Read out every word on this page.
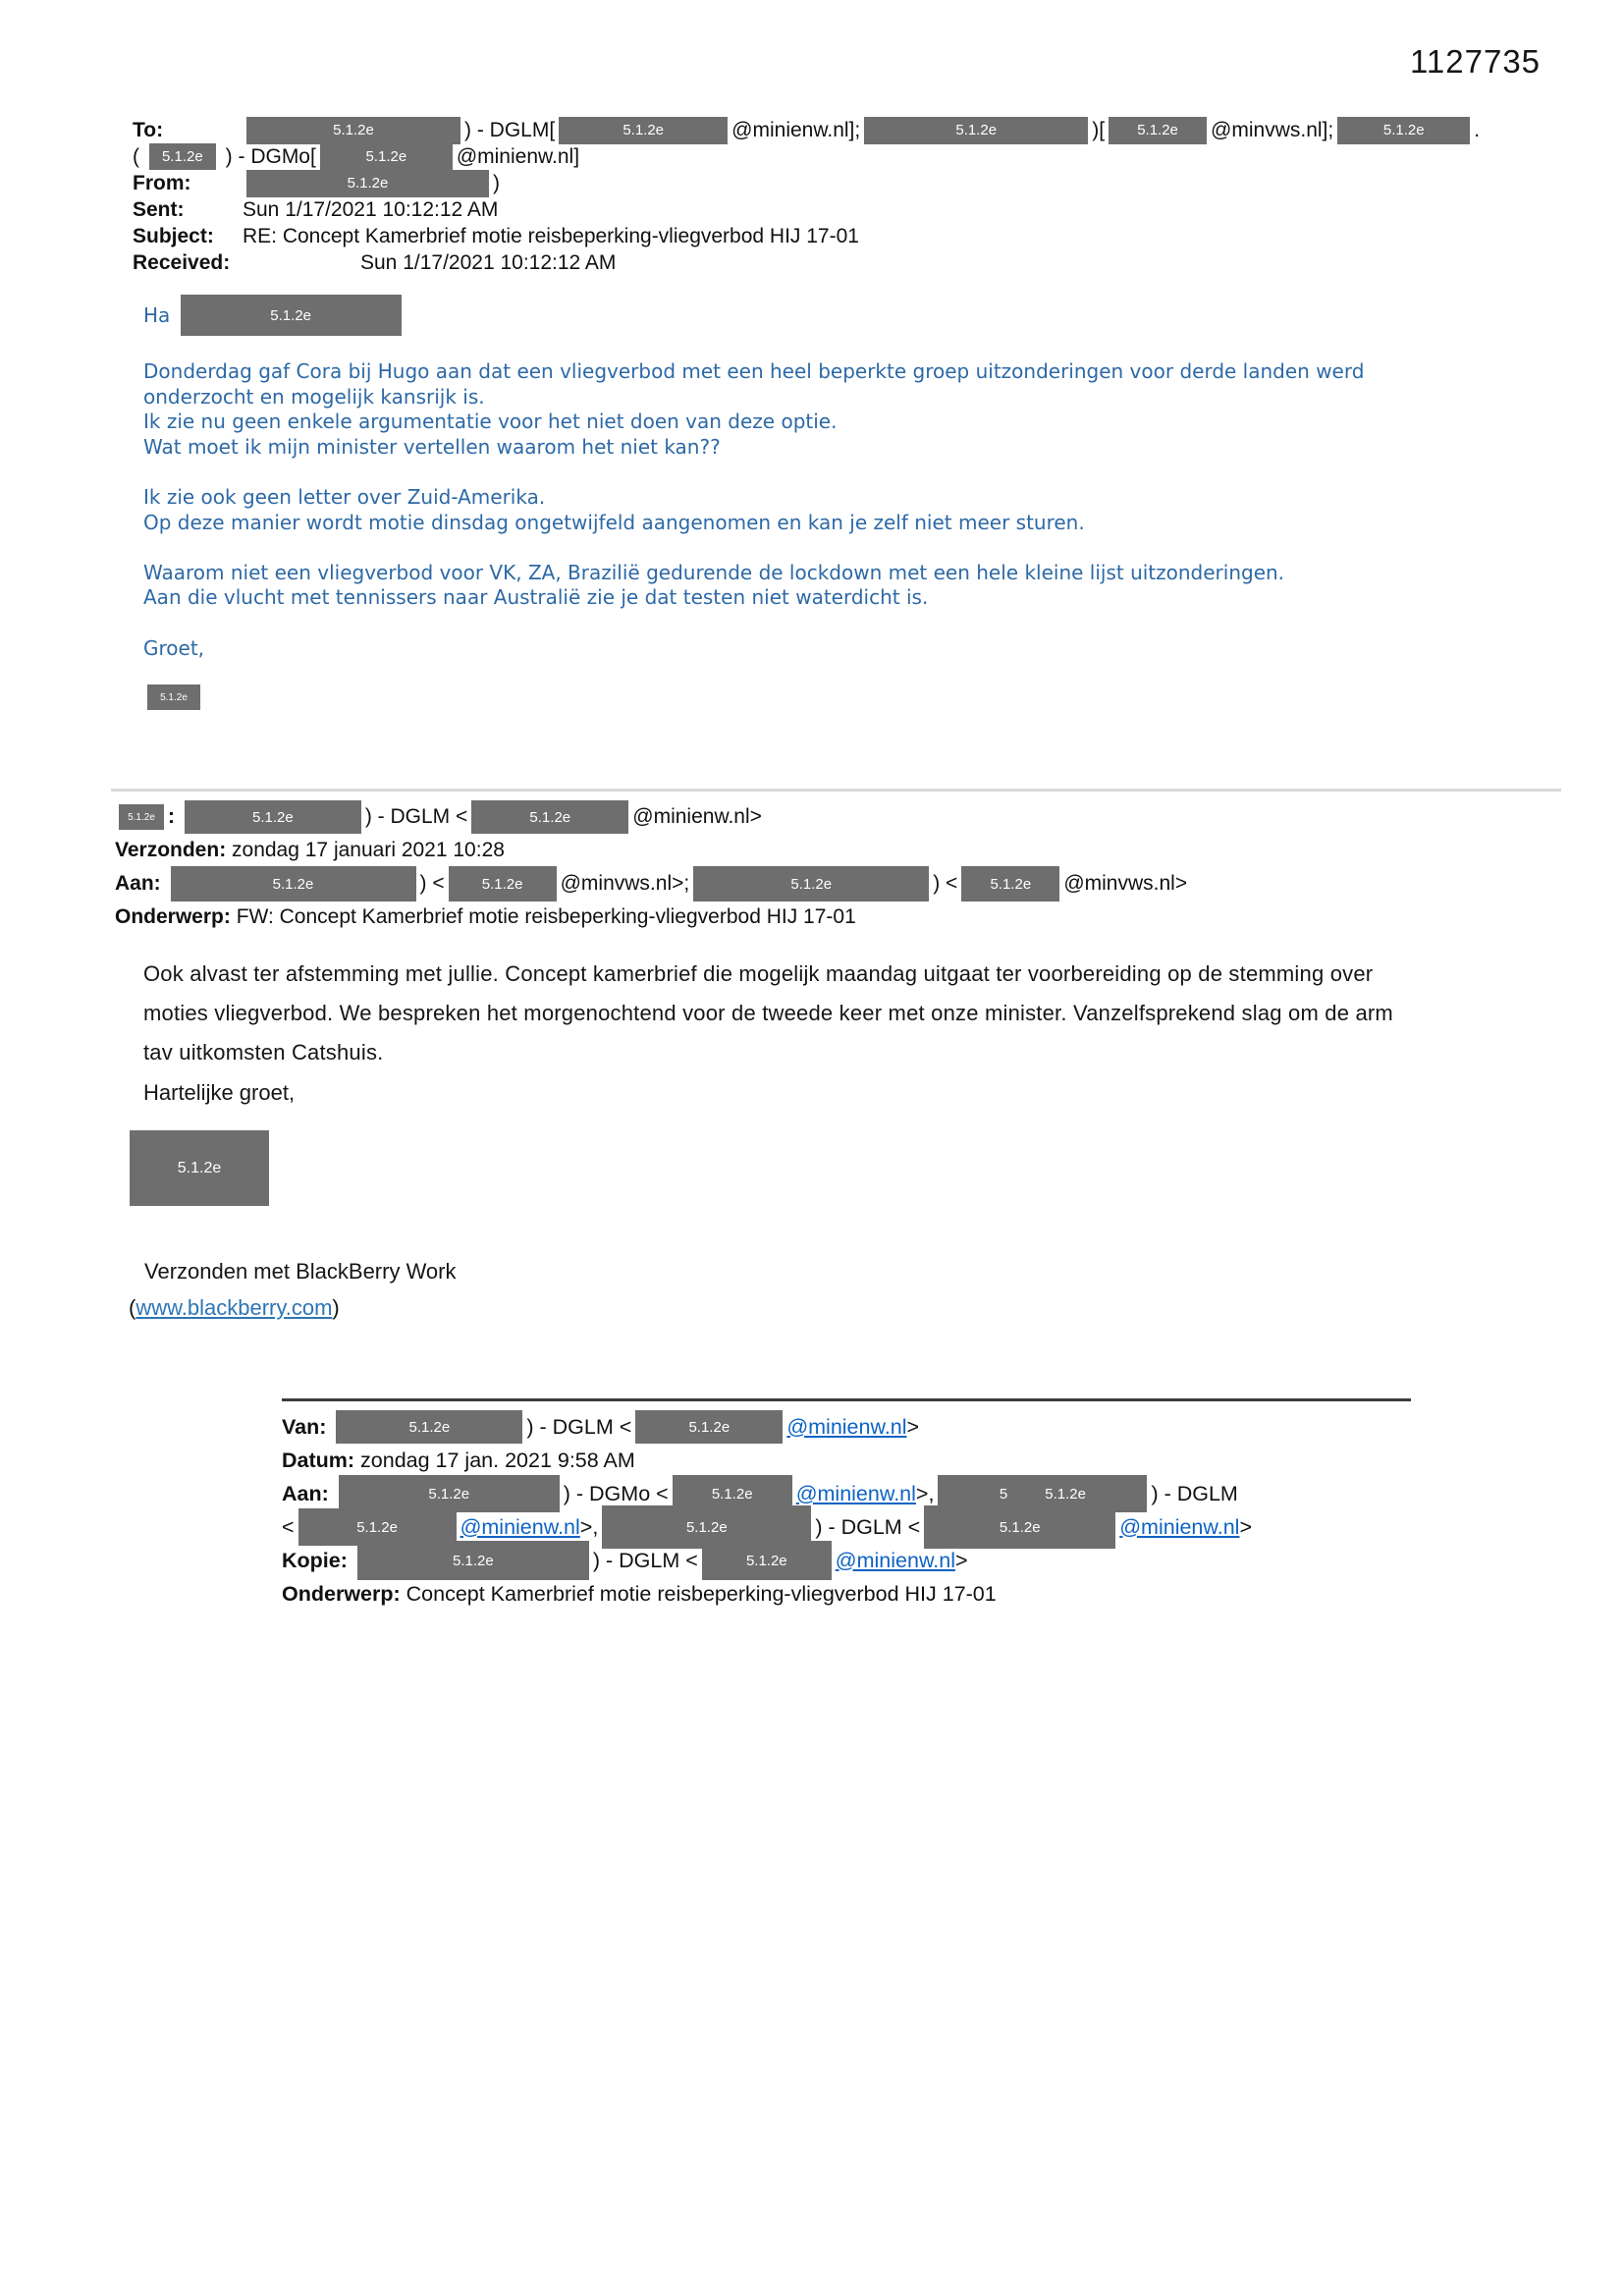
1127735
To:	5.1.2e	) - DGLM[	5.1.2e	@minienw.nl];	5.1.2e	)[ 5.1.2e @minvws.nl];	5.1.2e .
( 5.1.2e ) - DGMo[	5.1.2e @minienw.nl]
From:	5.1.2e	)
Sent:	Sun 1/17/2021 10:12:12 AM
Subject:	RE: Concept Kamerbrief motie reisbeperking-vliegverbod HIJ 17-01
Received:	Sun 1/17/2021 10:12:12 AM
Ha	5.1.2e
Donderdag gaf Cora bij Hugo aan dat een vliegverbod met een heel beperkte groep uitzonderingen voor derde landen werd
onderzocht en mogelijk kansrijk is.
Ik zie nu geen enkele argumentatie voor het niet doen van deze optie.
Wat moet ik mijn minister vertellen waarom het niet kan??

Ik zie ook geen letter over Zuid-Amerika.
Op deze manier wordt motie dinsdag ongetwijfeld aangenomen en kan je zelf niet meer sturen.

Waarom niet een vliegverbod voor VK, ZA, Brazilië gedurende de lockdown met een hele kleine lijst uitzonderingen.
Aan die vlucht met tennissers naar Australië zie je dat testen niet waterdicht is.

Groet,
5.1.2e
5.1.2e :
	5.1.2e	) - DGLM <	5.1.2e	@minienw.nl>
Verzonden: zondag 17 januari 2021 10:28
Aan:
	5.1.2e	) <	5.1.2e @minvws.nl>;	5.1.2e	) < 5.1.2e @minvws.nl>
Onderwerp: FW: Concept Kamerbrief motie reisbeperking-vliegverbod HIJ 17-01
Ook alvast ter afstemming met jullie. Concept kamerbrief die mogelijk maandag uitgaat ter voorbereiding op de stemming over
moties vliegverbod. We bespreken het morgenochtend voor de tweede keer met onze minister. Vanzelfsprekend slag om de arm
tav uitkomsten Catshuis.
Hartelijke groet,
5.1.2e
Verzonden met BlackBerry Work
( www.blackberry.com )
Van:
	5.1.2e	) - DGLM <	5.1.2e	@minienw.nl >
Datum: zondag 17 jan. 2021 9:58 AM
Aan:
	5.1.2e	) - DGMo <	5.1.2e @minienw.nl >,	5	5.1.2e	) - DGLM
<	5.1.2e	@minienw.nl >,	5.1.2e	) - DGLM <	5.1.2e	@minienw.nl >
Kopie:
	5.1.2e	) - DGLM <	5.1.2e @minienw.nl >
Onderwerp: Concept Kamerbrief motie reisbeperking-vliegverbod HIJ 17-01
